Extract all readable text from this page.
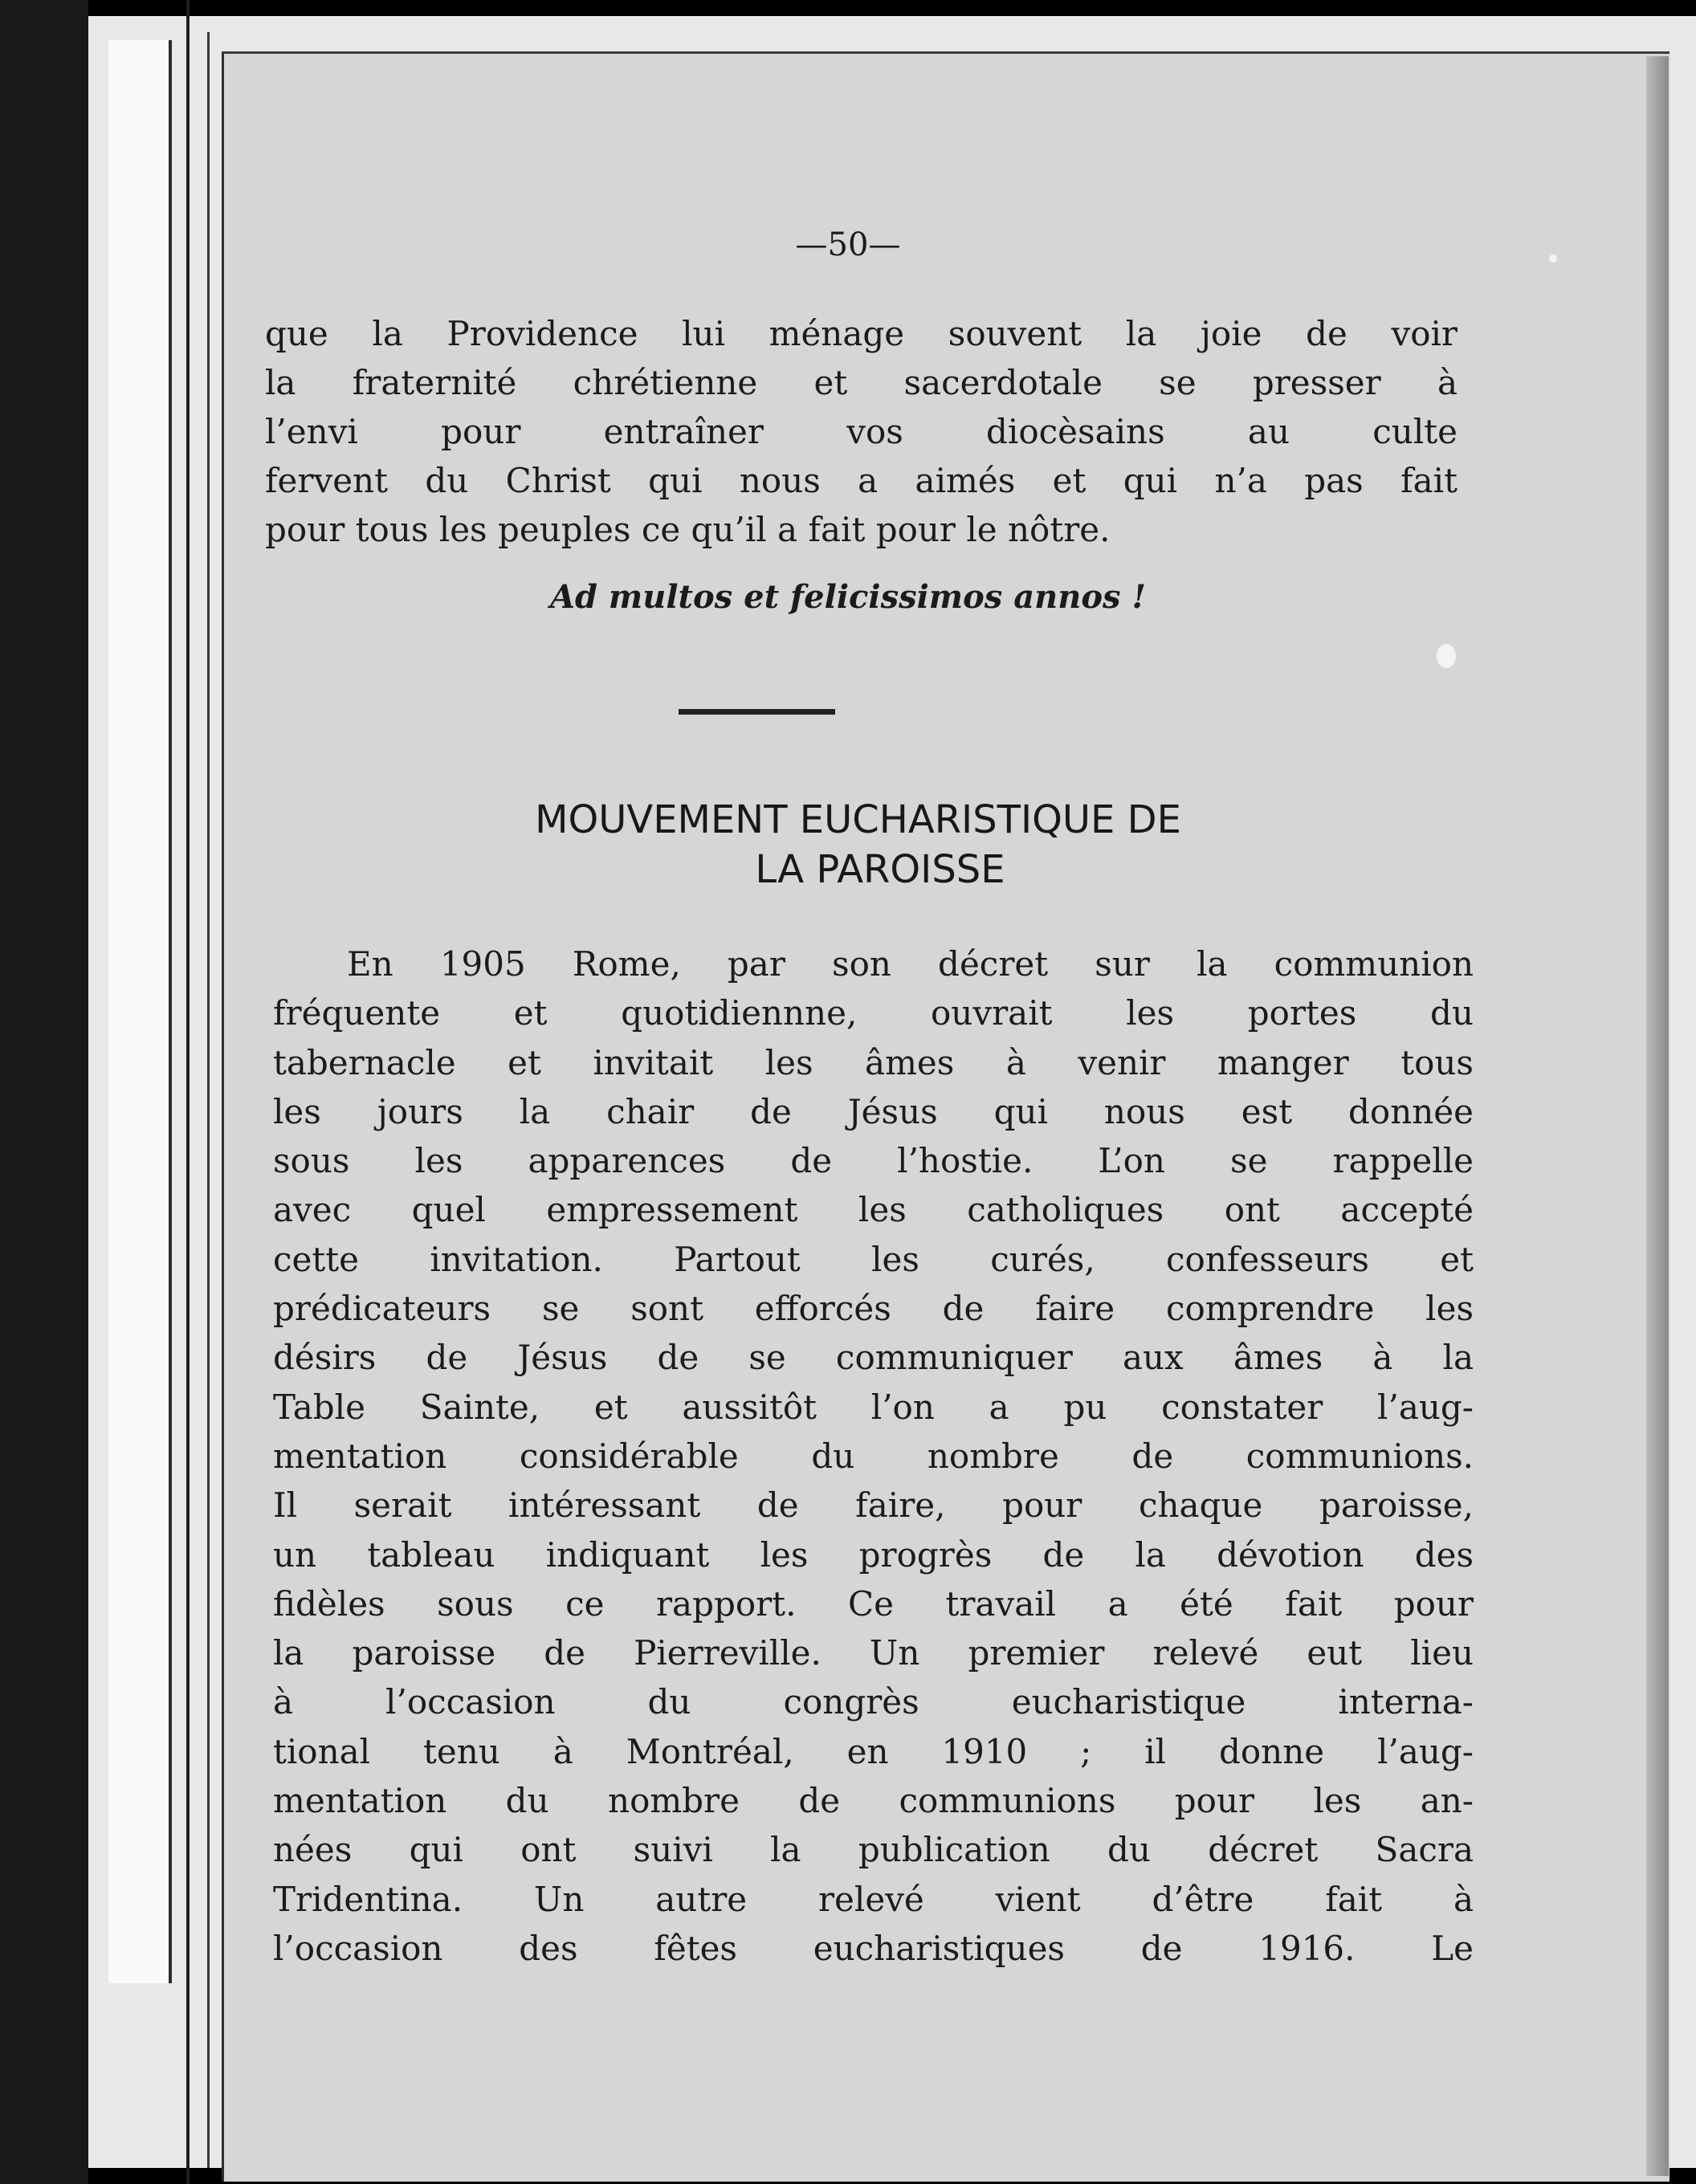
—50—
que la Providence lui ménage souvent la joie de voir
la fraternité chrétienne et sacerdotale se presser à
l’envi pour entraîner vos diocèsains au culte
fervent du Christ qui nous a aimés et qui n’a pas fait
pour tous les peuples ce qu’il a fait pour le nôtre.
Ad multos et felicissimos annos !
MOUVEMENT EUCHARISTIQUE DE
LA PAROISSE
En 1905 Rome, par son décret sur la communion
fréquente et quotidiennne, ouvrait les portes du
tabernacle et invitait les âmes à venir manger tous
les jours la chair de Jésus qui nous est donnée
sous les apparences de l’hostie. L’on se rappelle
avec quel empressement les catholiques ont accepté
cette invitation. Partout les curés, confesseurs et
prédicateurs se sont efforcés de faire comprendre les
désirs de Jésus de se communiquer aux âmes à la
Table Sainte, et aussitôt l’on a pu constater l’aug-
mentation considérable du nombre de communions.
Il serait intéressant de faire, pour chaque paroisse,
un tableau indiquant les progrès de la dévotion des
fidèles sous ce rapport. Ce travail a été fait pour
la paroisse de Pierreville. Un premier relevé eut lieu
à l’occasion du congrès eucharistique interna-
tional tenu à Montréal, en 1910 ; il donne l’aug-
mentation du nombre de communions pour les an-
nées qui ont suivi la publication du décret Sacra
Tridentina. Un autre relevé vient d’être fait à
l’occasion des fêtes eucharistiques de 1916. Le
